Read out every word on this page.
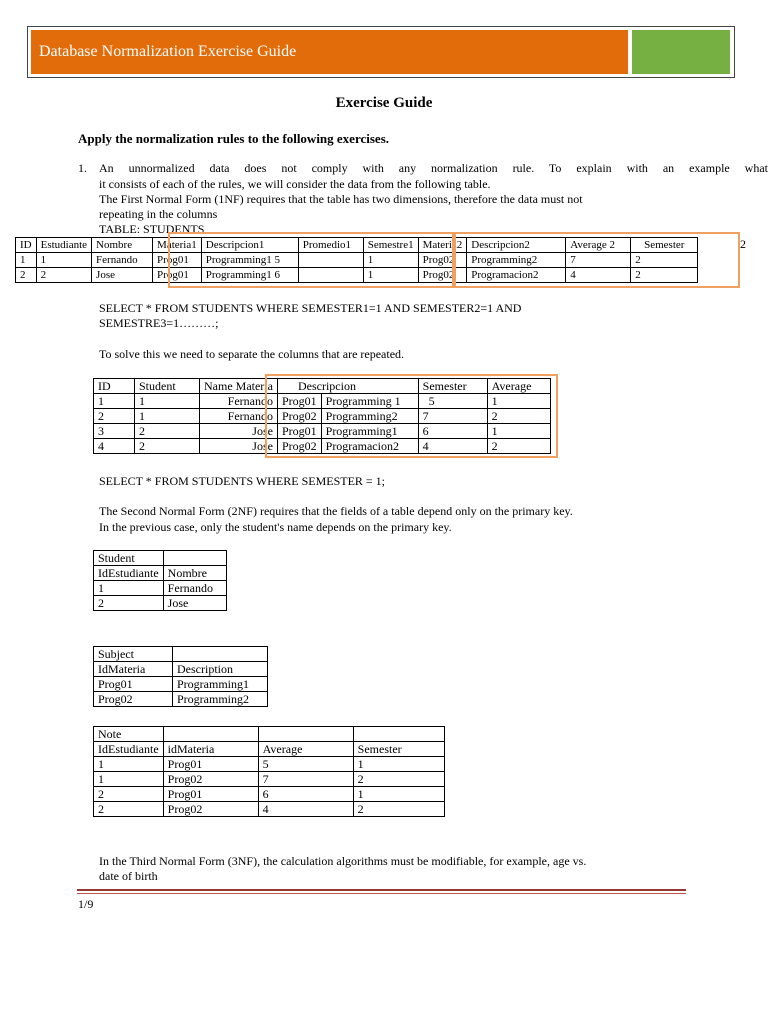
Database Normalization Exercise Guide
Exercise Guide
Apply the normalization rules to the following exercises.
1. An unnormalized data does not comply with any normalization rule. To explain with an example what
it consists of each of the rules, we will consider the data from the following table.
The First Normal Form (1NF) requires that the table has two dimensions, therefore the data must not
repeating in the columns
TABLE: STUDENTS
ID	Estudiante	Nombre	Materia1	Descripcion1	Promedio1	Semestre1	Materia2	Descripcion2	Average 2	Semester
1	1	Fernando	Prog01	Programming1 5		1	Prog02	Programming2	7	2
2	2	Jose	Prog01	Programming1 6		1	Prog02	Programacion2	4	2
2
SELECT * FROM STUDENTS WHERE SEMESTER1=1 AND SEMESTER2=1 AND
SEMESTRE3=1………;
To solve this we need to separate the columns that are repeated.
ID	Student	Name Materia	Descripcion		Semester	Average
1	1	Fernando	Prog01	Programming 1	5	1
2	1	Fernando	Prog02	Programming2	7	2
3	2	Jose	Prog01	Programming1	6	1
4	2	Jose	Prog02	Programacion2	4	2
SELECT * FROM STUDENTS WHERE SEMESTER = 1;
The Second Normal Form (2NF) requires that the fields of a table depend only on the primary key.
In the previous case, only the student's name depends on the primary key.
Student	
IdEstudiante	Nombre
1	Fernando
2	Jose
Subject	
IdMateria	Description
Prog01	Programming1
Prog02	Programming2
Note			
IdEstudiante	idMateria	Average	Semester
1	Prog01	5	1
1	Prog02	7	2
2	Prog01	6	1
2	Prog02	4	2
In the Third Normal Form (3NF), the calculation algorithms must be modifiable, for example, age vs.
date of birth
1/9
